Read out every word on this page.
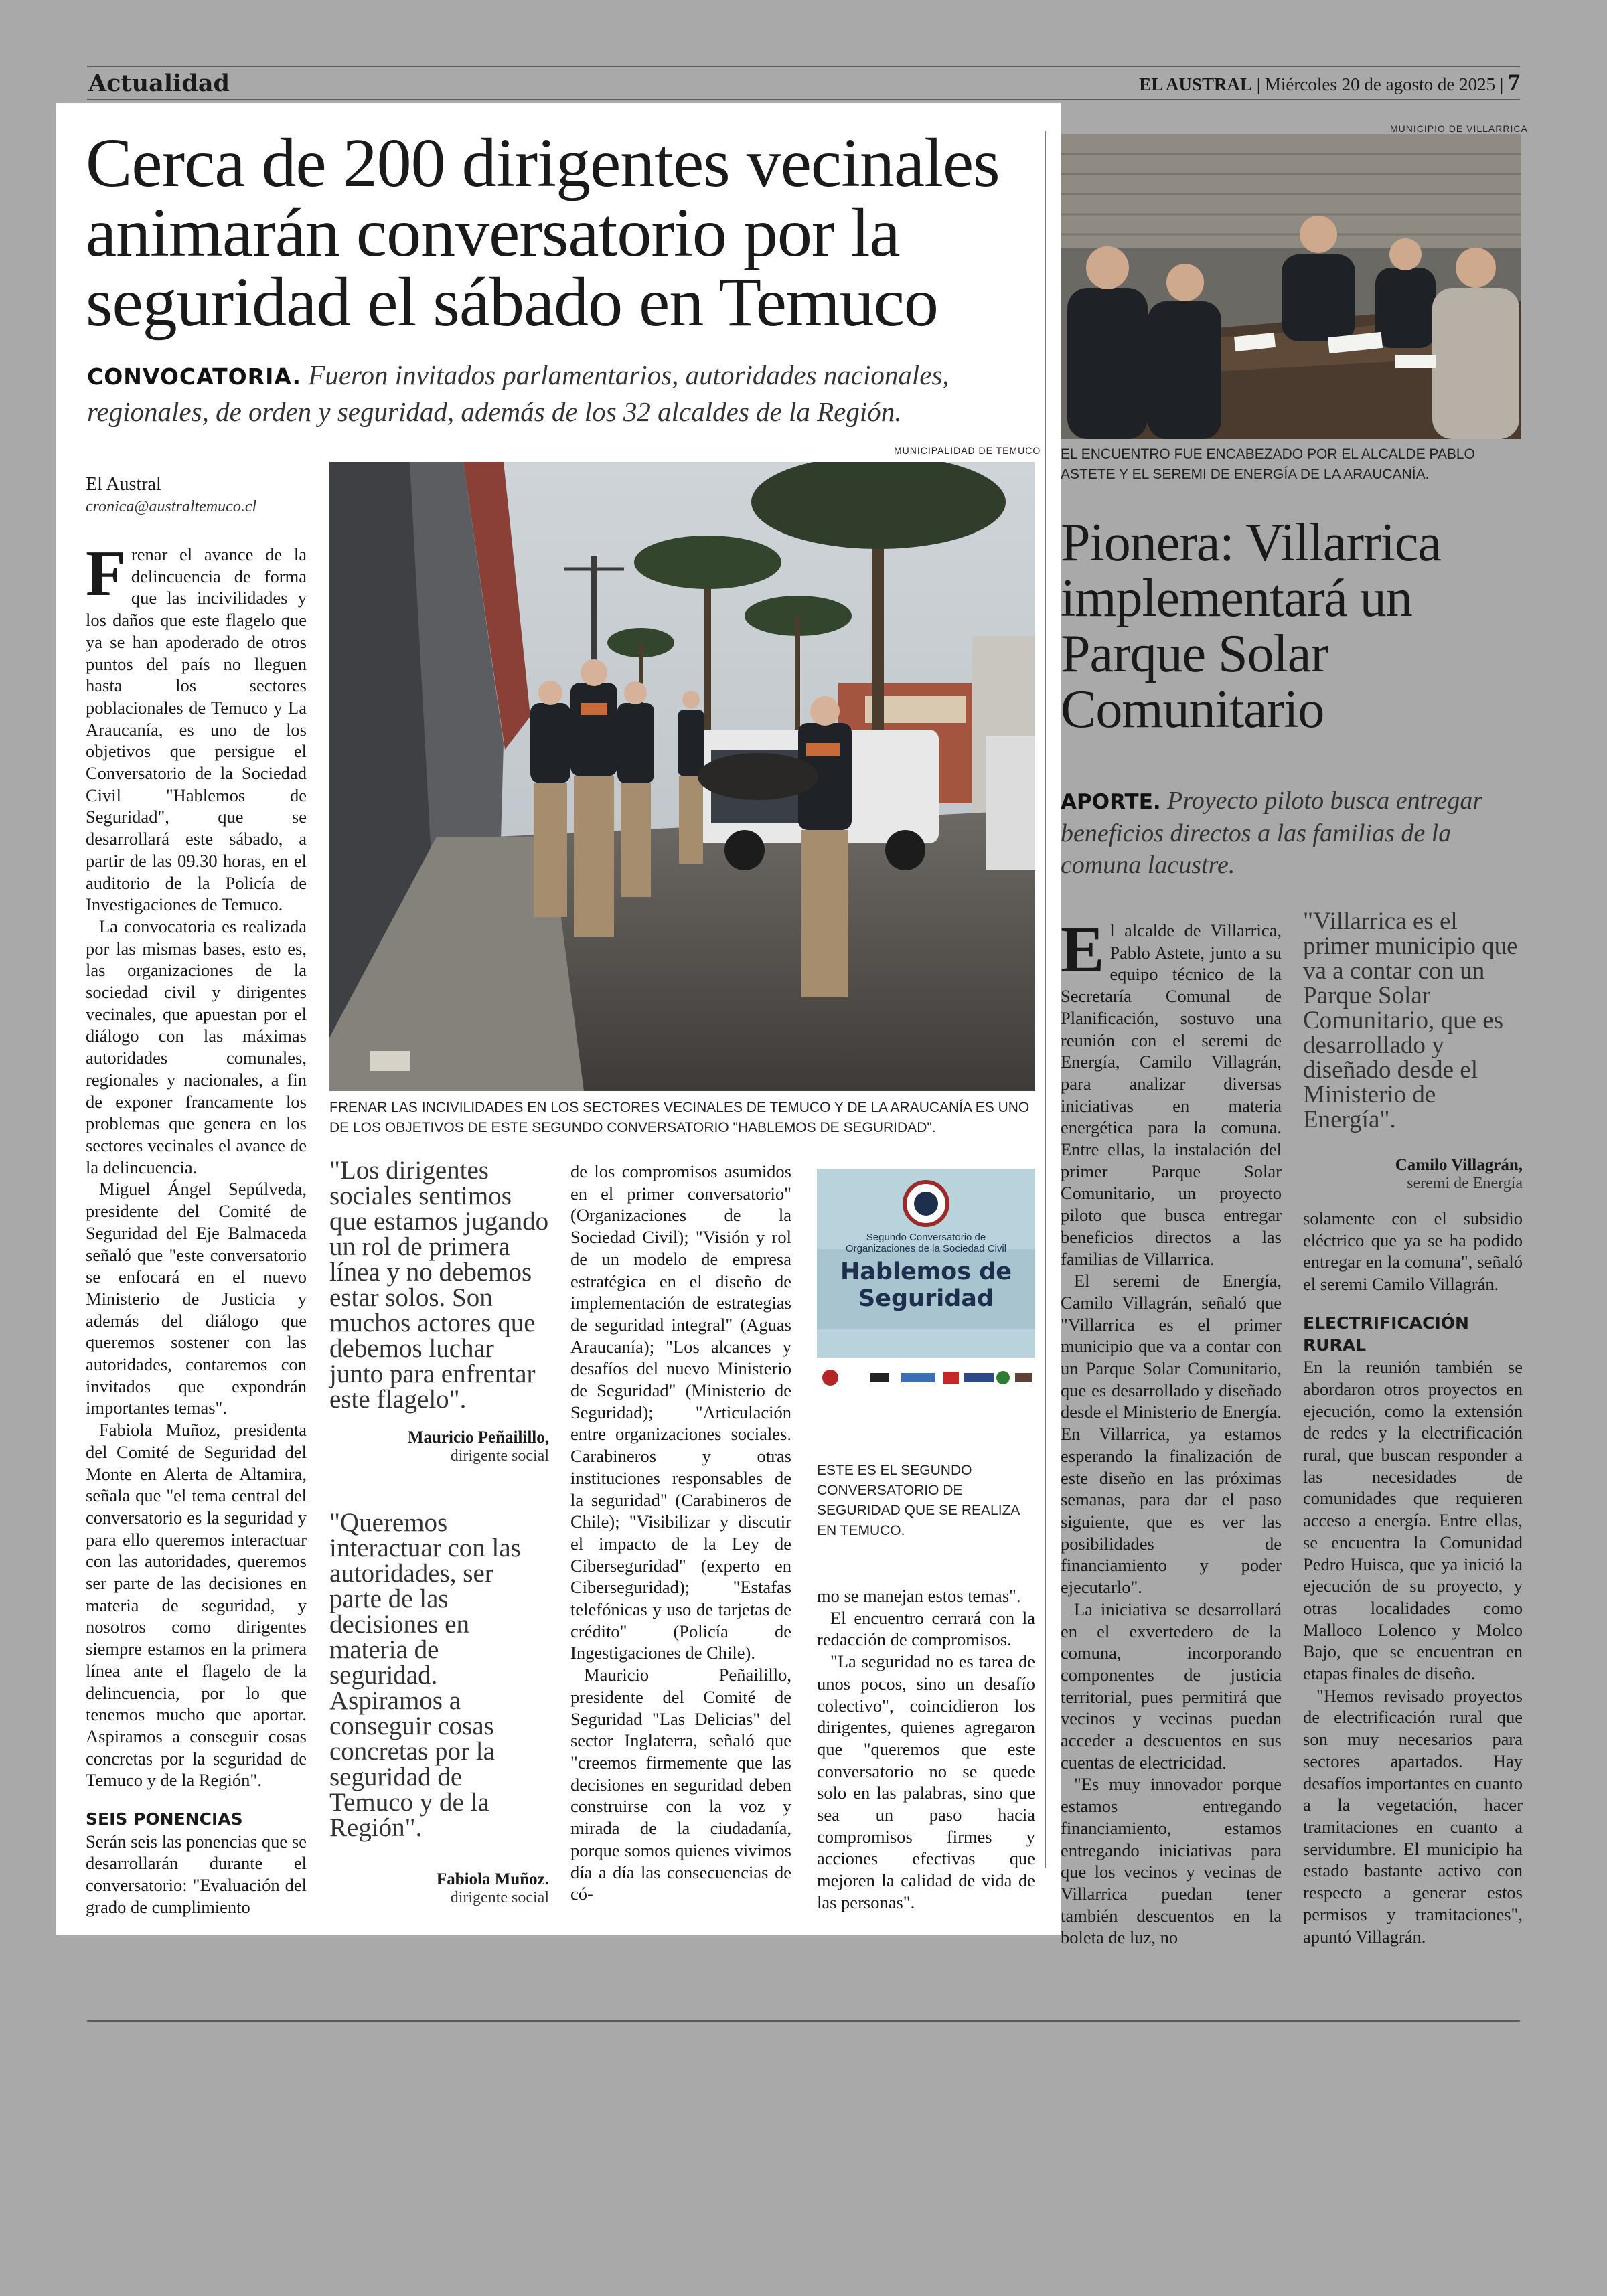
Actualidad	EL AUSTRAL | Miércoles 20 de agosto de 2025 | 7
Cerca de 200 dirigentes vecinales animarán conversatorio por la seguridad el sábado en Temuco
CONVOCATORIA. Fueron invitados parlamentarios, autoridades nacionales, regionales, de orden y seguridad, además de los 32 alcaldes de la Región.
El Austral
cronica@australtemuco.cl
MUNICIPALIDAD DE TEMUCO
FRENAR LAS INCIVILIDADES EN LOS SECTORES VECINALES DE TEMUCO Y DE LA ARAUCANÍA ES UNO DE LOS OBJETIVOS DE ESTE SEGUNDO CONVERSATORIO "HABLEMOS DE SEGURIDAD".

Frenar el avance de la delincuencia de forma que las incivilidades y los daños que este flagelo que ya se han apoderado de otros puntos del país no lleguen hasta los sectores poblacionales de Temuco y La Araucanía, es uno de los objetivos que persigue el Conversatorio de la Sociedad Civil "Hablemos de Seguridad", que se desarrollará este sábado, a partir de las 09.30 horas, en el auditorio de la Policía de Investigaciones de Temuco.

La convocatoria es realizada por las mismas bases, esto es, las organizaciones de la sociedad civil y dirigentes vecinales, que apuestan por el diálogo con las máximas autoridades comunales, regionales y nacionales, a fin de exponer francamente los problemas que genera en los sectores vecinales el avance de la delincuencia.

Miguel Ángel Sepúlveda, presidente del Comité de Seguridad del Eje Balmaceda señaló que "este conversatorio se enfocará en el nuevo Ministerio de Justicia y además del diálogo que queremos sostener con las autoridades, contaremos con invitados que expondrán importantes temas".

Fabiola Muñoz, presidenta del Comité de Seguridad del Monte en Alerta de Altamira, señala que "el tema central del conversatorio es la seguridad y para ello queremos interactuar con las autoridades, queremos ser parte de las decisiones en materia de seguridad, y nosotros como dirigentes siempre estamos en la primera línea ante el flagelo de la delincuencia, por lo que tenemos mucho que aportar. Aspiramos a conseguir cosas concretas por la seguridad de Temuco y de la Región".

SEIS PONENCIAS

Serán seis las ponencias que se desarrollarán durante el conversatorio: "Evaluación del grado de cumplimiento

"Los dirigentes sociales sentimos que estamos jugando un rol de primera línea y no debemos estar solos. Son muchos actores que debemos luchar junto para enfrentar este flagelo".
Mauricio Peñailillo,
dirigente social
"Queremos interactuar con las autoridades, ser parte de las decisiones en materia de seguridad. Aspiramos a conseguir cosas concretas por la seguridad de Temuco y de la Región".
Fabiola Muñoz.
dirigente social

de los compromisos asumidos en el primer conversatorio" (Organizaciones de la Sociedad Civil); "Visión y rol de un modelo de empresa estratégica en el diseño de implementación de estrategias de seguridad integral" (Aguas Araucanía); "Los alcances y desafíos del nuevo Ministerio de Seguridad" (Ministerio de Seguridad); "Articulación entre organizaciones sociales. Carabineros y otras instituciones responsables de la seguridad" (Carabineros de Chile); "Visibilizar y discutir el impacto de la Ley de Ciberseguridad" (experto en Ciberseguridad); "Estafas telefónicas y uso de tarjetas de crédito" (Policía de Ingestigaciones de Chile).

Mauricio Peñailillo, presidente del Comité de Seguridad "Las Delicias" del sector Inglaterra, señaló que "creemos firmemente que las decisiones en seguridad deben construirse con la voz y mirada de la ciudadanía, porque somos quienes vivimos día a día las consecuencias de có-

Segundo Conversatorio de
Organizaciones de la Sociedad Civil
Hablemos de
Seguridad
ESTE ES EL SEGUNDO CONVERSATORIO DE SEGURIDAD QUE SE REALIZA EN TEMUCO.

mo se manejan estos temas".

El encuentro cerrará con la redacción de compromisos.

"La seguridad no es tarea de unos pocos, sino un desafío colectivo", coincidieron los dirigentes, quienes agregaron que "queremos que este conversatorio no se quede solo en las palabras, sino que sea un paso hacia compromisos firmes y acciones efectivas que mejoren la calidad de vida de las personas".

MUNICIPIO DE VILLARRICA
EL ENCUENTRO FUE ENCABEZADO POR EL ALCALDE PABLO ASTETE Y EL SEREMI DE ENERGÍA DE LA ARAUCANÍA.
Pionera: Villarrica implementará un Parque Solar Comunitario
APORTE. Proyecto piloto busca entregar beneficios directos a las familias de la comuna lacustre.

El alcalde de Villarrica, Pablo Astete, junto a su equipo técnico de la Secretaría Comunal de Planificación, sostuvo una reunión con el seremi de Energía, Camilo Villagrán, para analizar diversas iniciativas en materia energética para la comuna. Entre ellas, la instalación del primer Parque Solar Comunitario, un proyecto piloto que busca entregar beneficios directos a las familias de Villarrica.

El seremi de Energía, Camilo Villagrán, señaló que "Villarrica es el primer municipio que va a contar con un Parque Solar Comunitario, que es desarrollado y diseñado desde el Ministerio de Energía. En Villarrica, ya estamos esperando la finalización de este diseño en las próximas semanas, para dar el paso siguiente, que es ver las posibilidades de financiamiento y poder ejecutarlo".

La iniciativa se desarrollará en el exvertedero de la comuna, incorporando componentes de justicia territorial, pues permitirá que vecinos y vecinas puedan acceder a descuentos en sus cuentas de electricidad.

"Es muy innovador porque estamos entregando financiamiento, estamos entregando iniciativas para que los vecinos y vecinas de Villarrica puedan tener también descuentos en la boleta de luz, no

"Villarrica es el primer municipio que va a contar con un Parque Solar Comunitario, que es desarrollado y diseñado desde el Ministerio de Energía".
Camilo Villagrán,
seremi de Energía

solamente con el subsidio eléctrico que ya se ha podido entregar en la comuna", señaló el seremi Camilo Villagrán.

ELECTRIFICACIÓN RURAL

En la reunión también se abordaron otros proyectos en ejecución, como la extensión de redes y la electrificación rural, que buscan responder a las necesidades de comunidades que requieren acceso a energía. Entre ellas, se encuentra la Comunidad Pedro Huisca, que ya inició la ejecución de su proyecto, y otras localidades como Malloco Lolenco y Molco Bajo, que se encuentran en etapas finales de diseño.

"Hemos revisado proyectos de electrificación rural que son muy necesarios para sectores apartados. Hay desafíos importantes en cuanto a la vegetación, hacer tramitaciones en cuanto a servidumbre. El municipio ha estado bastante activo con respecto a generar estos permisos y tramitaciones", apuntó Villagrán.
